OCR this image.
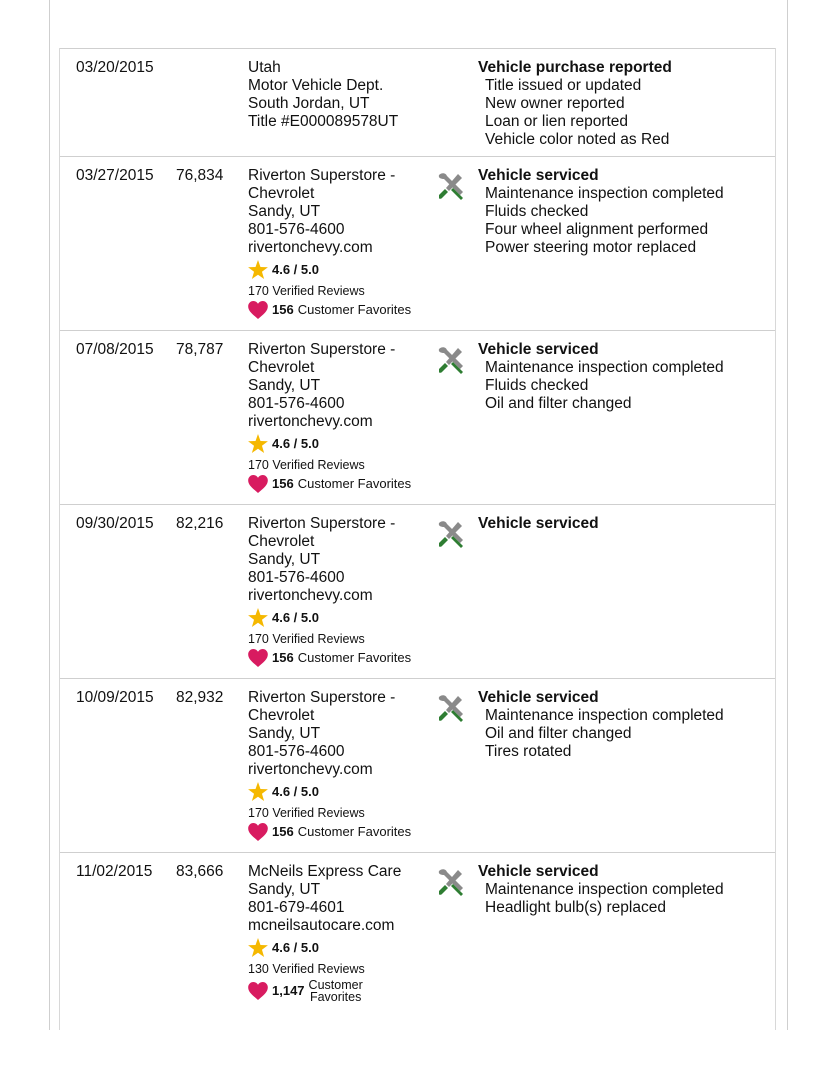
03/20/2015	Utah
Motor Vehicle Dept.
South Jordan, UT
Title #E000089578UT
Vehicle purchase reported
Title issued or updated
New owner reported
Loan or lien reported
Vehicle color noted as Red
03/27/2015 76,834 Riverton Superstore -
Chevrolet
Sandy, UT
801-576-4600
rivertonchevy.com
4.6 / 5.0
170 Verified Reviews
156 Customer Favorites
Vehicle serviced
Maintenance inspection completed
Fluids checked
Four wheel alignment performed
Power steering motor replaced
07/08/2015 78,787 Riverton Superstore -
Chevrolet
Sandy, UT
801-576-4600
rivertonchevy.com
4.6 / 5.0
170 Verified Reviews
156 Customer Favorites
Vehicle serviced
Maintenance inspection completed
Fluids checked
Oil and filter changed
09/30/2015 82,216 Riverton Superstore -
Chevrolet
Sandy, UT
801-576-4600
rivertonchevy.com
4.6 / 5.0
170 Verified Reviews
156 Customer Favorites
Vehicle serviced
10/09/2015 82,932 Riverton Superstore -
Chevrolet
Sandy, UT
801-576-4600
rivertonchevy.com
4.6 / 5.0
170 Verified Reviews
156 Customer Favorites
Vehicle serviced
Maintenance inspection completed
Oil and filter changed
Tires rotated
11/02/2015 83,666 McNeils Express Care
Sandy, UT
801-679-4601
mcneilsautocare.com
4.6 / 5.0
130 Verified Reviews
1,147 Customer
Favorites
Vehicle serviced
Maintenance inspection completed
Headlight bulb(s) replaced
